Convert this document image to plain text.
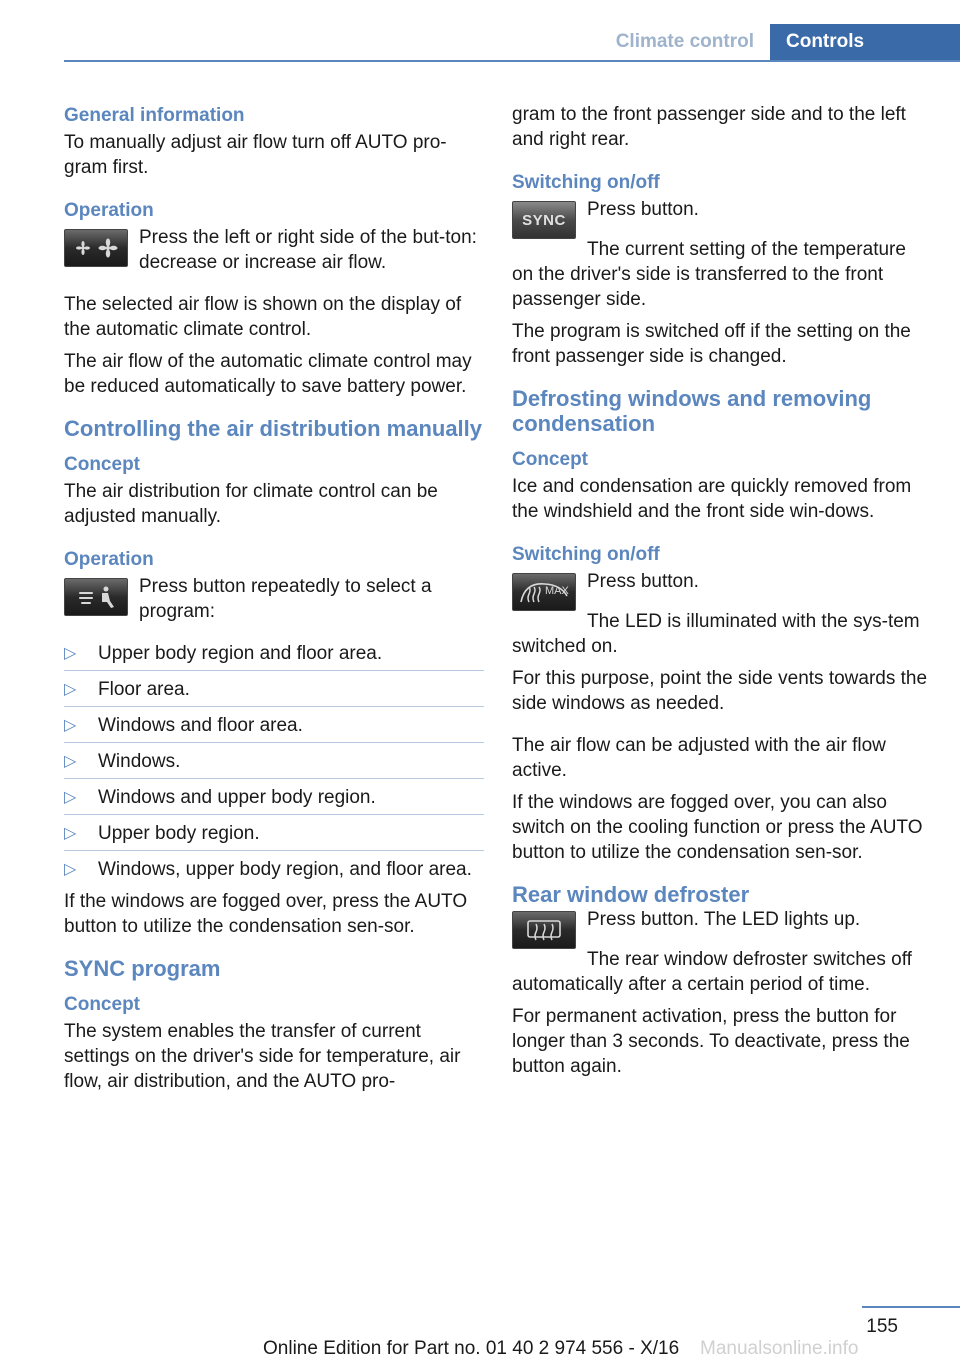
Climate control	Controls
General information

To manually adjust air flow turn off AUTO pro‐gram first.

Operation

Press the left or right side of the but‐ton: decrease or increase air flow.

The selected air flow is shown on the display of the automatic climate control.

The air flow of the automatic climate control may be reduced automatically to save battery power.

Controlling the air distribution manually
Concept

The air distribution for climate control can be adjusted manually.

Operation

Press button repeatedly to select a program:

▷ Upper body region and floor area.
▷ Floor area.
▷ Windows and floor area.
▷ Windows.
▷ Windows and upper body region.
▷ Upper body region.
▷ Windows, upper body region, and floor area.

If the windows are fogged over, press the AUTO button to utilize the condensation sen‐sor.

SYNC program
Concept

The system enables the transfer of current settings on the driver's side for temperature, air flow, air distribution, and the AUTO pro‐

gram to the front passenger side and to the left and right rear.

Switching on/off
SYNC Press button.

The current setting of the temperature on the driver's side is transferred to the front passenger side.

The program is switched off if the setting on the front passenger side is changed.

Defrosting windows and removing condensation
Concept

Ice and condensation are quickly removed from the windshield and the front side win‐dows.

Switching on/off
MAX Press button.

The LED is illuminated with the sys‐tem switched on.

For this purpose, point the side vents towards the side windows as needed.

The air flow can be adjusted with the air flow active.

If the windows are fogged over, you can also switch on the cooling function or press the AUTO button to utilize the condensation sen‐sor.

Rear window defroster

Press button. The LED lights up.

The rear window defroster switches off automatically after a certain period of time.

For permanent activation, press the button for longer than 3 seconds. To deactivate, press the button again.

155
Online Edition for Part no. 01 40 2 974 556 - X/16 Manualsonline.info
